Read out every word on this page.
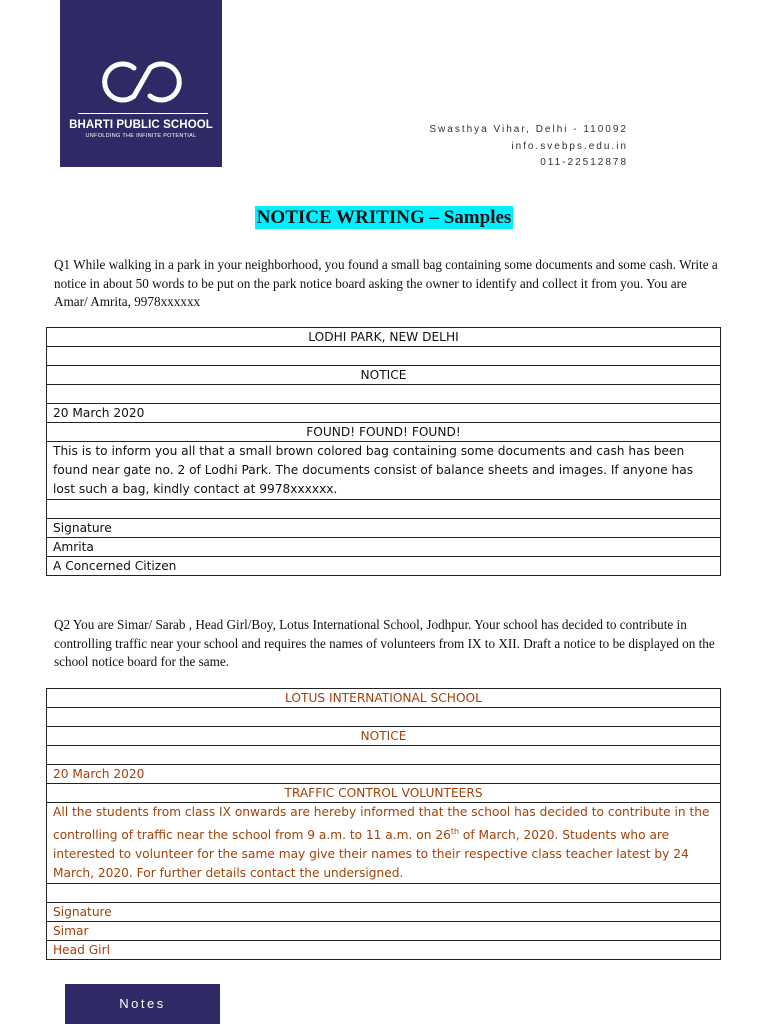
BHARTI PUBLIC SCHOOL
UNFOLDING THE INFINITE POTENTIAL
Swasthya Vihar, Delhi - 110092
info.svebps.edu.in
011-22512878
NOTICE WRITING – Samples
Q1 While walking in a park in your neighborhood, you found a small bag containing some documents and some cash. Write a notice in about 50 words to be put on the park notice board asking the owner to identify and collect it from you. You are Amar/ Amrita, 9978xxxxxx
LODHI PARK, NEW DELHI

NOTICE

20 March 2020
FOUND! FOUND! FOUND!
This is to inform you all that a small brown colored bag containing some documents and cash has been found near gate no. 2 of Lodhi Park. The documents consist of balance sheets and images. If anyone has lost such a bag, kindly contact at 9978xxxxxx.

Signature
Amrita
A Concerned Citizen
Q2 You are Simar/ Sarab , Head Girl/Boy, Lotus International School, Jodhpur. Your school has decided to contribute in controlling traffic near your school and requires the names of volunteers from IX to XII. Draft a notice to be displayed on the school notice board for the same.
LOTUS INTERNATIONAL SCHOOL

NOTICE

20 March 2020
TRAFFIC CONTROL VOLUNTEERS
All the students from class IX onwards are hereby informed that the school has decided to contribute in the controlling of traffic near the school from 9 a.m. to 11 a.m. on 26th of March, 2020. Students who are interested to volunteer for the same may give their names to their respective class teacher latest by 24 March, 2020. For further details contact the undersigned.

Signature
Simar
Head Girl
Notes
